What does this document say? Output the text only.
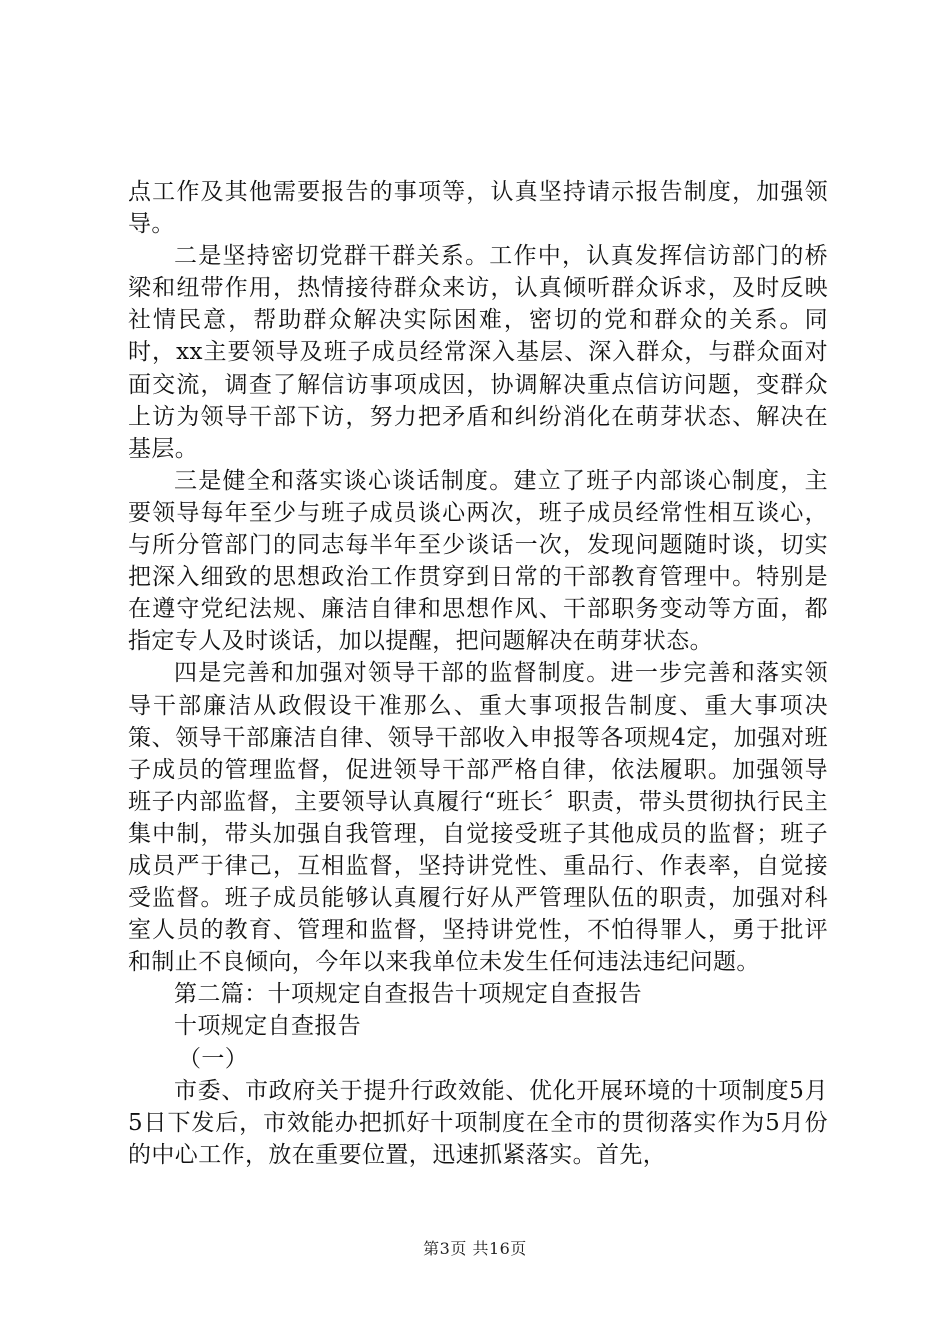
点工作及其他需要报告的事项等，认真坚持请示报告制度，加强领导。

二是坚持密切党群干群关系。工作中，认真发挥信访部门的桥梁和纽带作用，热情接待群众来访，认真倾听群众诉求，及时反映社情民意，帮助群众解决实际困难，密切的党和群众的关系。同时，xx主要领导及班子成员经常深入基层、深入群众，与群众面对面交流，调查了解信访事项成因，协调解决重点信访问题，变群众上访为领导干部下访，努力把矛盾和纠纷消化在萌芽状态、解决在基层。

三是健全和落实谈心谈话制度。建立了班子内部谈心制度，主要领导每年至少与班子成员谈心两次，班子成员经常性相互谈心，与所分管部门的同志每半年至少谈话一次，发现问题随时谈，切实把深入细致的思想政治工作贯穿到日常的干部教育管理中。特别是在遵守党纪法规、廉洁自律和思想作风、干部职务变动等方面，都指定专人及时谈话，加以提醒，把问题解决在萌芽状态。

四是完善和加强对领导干部的监督制度。进一步完善和落实领导干部廉洁从政假设干准那么、重大事项报告制度、重大事项决策、领导干部廉洁自律、领导干部收入申报等各项规4定，加强对班子成员的管理监督，促进领导干部严格自律，依法履职。加强领导班子内部监督，主要领导认真履行“班长〞职责，带头贯彻执行民主集中制，带头加强自我管理，自觉接受班子其他成员的监督；班子成员严于律己，互相监督，坚持讲党性、重品行、作表率，自觉接受监督。班子成员能够认真履行好从严管理队伍的职责，加强对科室人员的教育、管理和监督，坚持讲党性，不怕得罪人，勇于批评和制止不良倾向，今年以来我单位未发生任何违法违纪问题。

第二篇：十项规定自查报告十项规定自查报告

十项规定自查报告

（一）

市委、市政府关于提升行政效能、优化开展环境的十项制度5月5日下发后，市效能办把抓好十项制度在全市的贯彻落实作为5月份的中心工作，放在重要位置，迅速抓紧落实。首先，

第3页 共16页
